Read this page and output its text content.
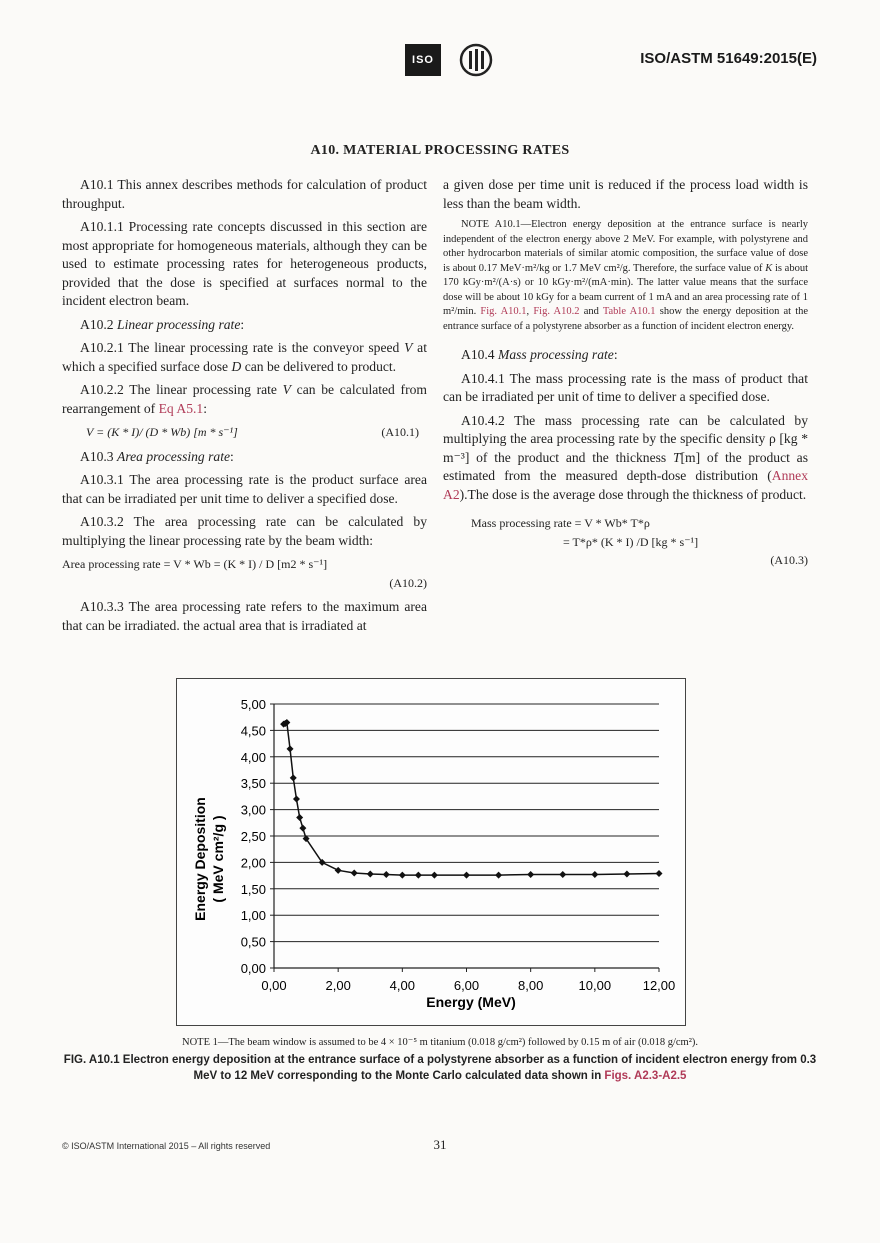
ISO	ISO/ASTM 51649:2015(E)
A10. MATERIAL PROCESSING RATES

A10.1 This annex describes methods for calculation of product throughput.

A10.1.1 Processing rate concepts discussed in this section are most appropriate for homogeneous materials, although they can be used to estimate processing rates for heterogeneous products, provided that the dose is specified at surfaces normal to the incident electron beam.

A10.2 Linear processing rate:

A10.2.1 The linear processing rate is the conveyor speed V at which a specified surface dose D can be delivered to product.

A10.2.2 The linear processing rate V can be calculated from rearrangement of Eq A5.1:

V = (K * I)/ (D * Wb) [m * s⁻¹]	(A10.1)

A10.3 Area processing rate:

A10.3.1 The area processing rate is the product surface area that can be irradiated per unit time to deliver a specified dose.

A10.3.2 The area processing rate can be calculated by multiplying the linear processing rate by the beam width:

Area processing rate = V * Wb = (K * I) / D [m2 * s⁻¹]

(A10.2)

A10.3.3 The area processing rate refers to the maximum area that can be irradiated. the actual area that is irradiated at

a given dose per time unit is reduced if the process load width is less than the beam width.

NOTE A10.1—Electron energy deposition at the entrance surface is nearly independent of the electron energy above 2 MeV. For example, with polystyrene and other hydrocarbon materials of similar atomic composition, the surface value of dose is about 0.17 MeV·m²/kg or 1.7 MeV cm²/g. Therefore, the surface value of K is about 170 kGy·m²/(A·s) or 10 kGy·m²/(mA·min). The latter value means that the surface dose will be about 10 kGy for a beam current of 1 mA and an area processing rate of 1 m²/min. Fig. A10.1, Fig. A10.2 and Table A10.1 show the energy deposition at the entrance surface of a polystyrene absorber as a function of incident electron energy.

A10.4 Mass processing rate:

A10.4.1 The mass processing rate is the mass of product that can be irradiated per unit of time to deliver a specified dose.

A10.4.2 The mass processing rate can be calculated by multiplying the area processing rate by the specific density ρ [kg * m⁻³] of the product and the thickness T[m] of the product as estimated from the measured depth-dose distribution (Annex A2).The dose is the average dose through the thickness of product.

Mass processing rate = V * Wb* T*ρ

= T*ρ* (K * I) /D [kg * s⁻¹]

(A10.3)

0,00
0,50
1,00
1,50
2,00
2,50
3,00
3,50
4,00
4,50
5,00
0,00	2,00	4,00	6,00	8,00	10,00 12,00
Energy (MeV)
Energy Deposition ( MeV cm²/g )
NOTE 1—The beam window is assumed to be 4 × 10⁻⁵ m titanium (0.018 g/cm²) followed by 0.15 m of air (0.018 g/cm²).
FIG. A10.1 Electron energy deposition at the entrance surface of a polystyrene absorber as a function of incident electron energy from 0.3 MeV to 12 MeV corresponding to the Monte Carlo calculated data shown in Figs. A2.3-A2.5
© ISO/ASTM International 2015 – All rights reserved	31
